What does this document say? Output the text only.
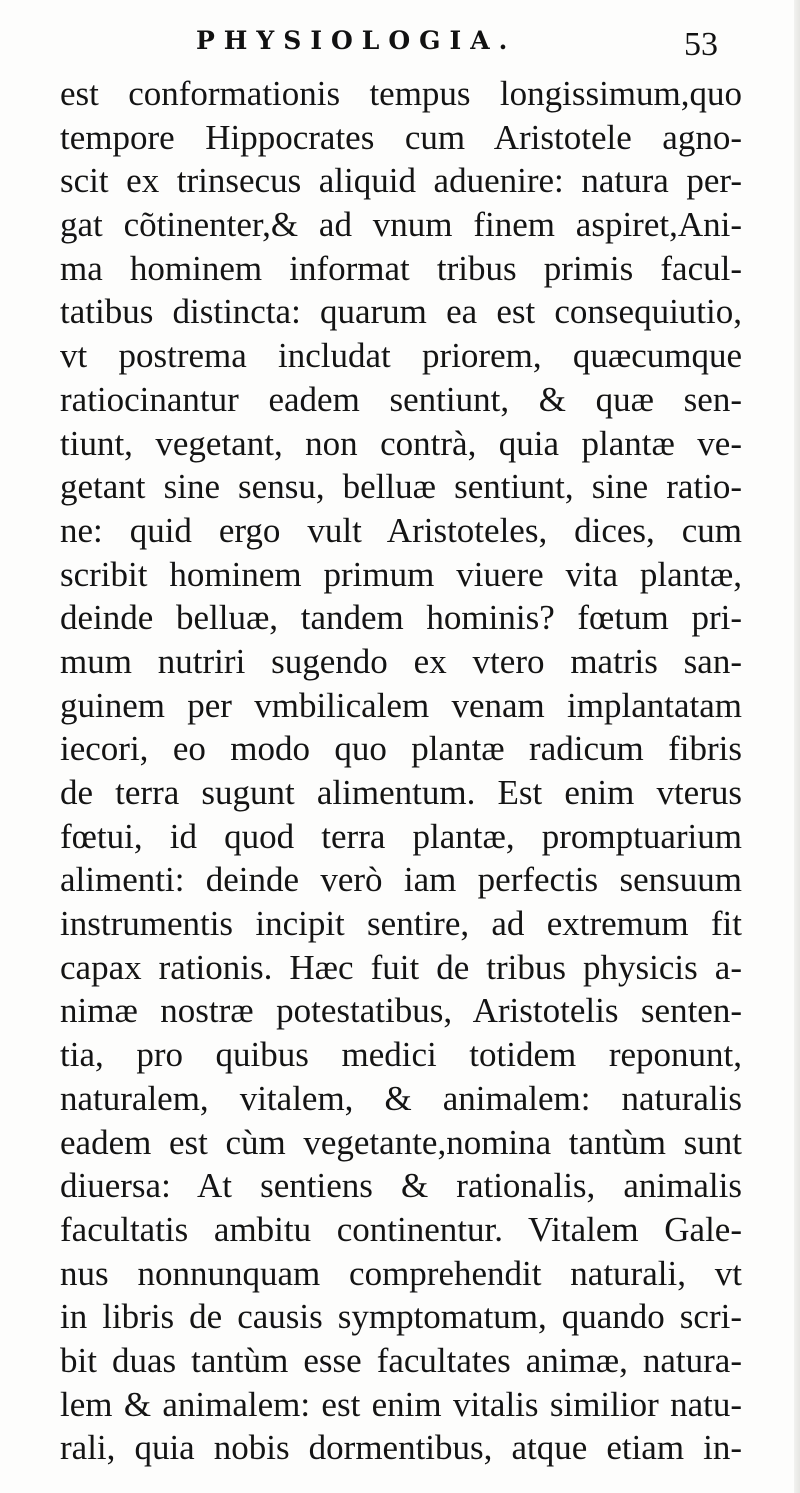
PHYSIOLOGIA.	53
est conformationis tempus longissimum,quo
tempore Hippocrates cum Aristotele agno-
scit ex trinsecus aliquid aduenire: natura per-
gat cõtinenter,& ad vnum finem aspiret,Ani-
ma hominem informat tribus primis facul-
tatibus distincta: quarum ea est consequiutio,
vt postrema includat priorem, quæcumque
ratiocinantur eadem sentiunt, & quæ sen-
tiunt, vegetant, non contrà, quia plantæ ve-
getant sine sensu, belluæ sentiunt, sine ratio-
ne: quid ergo vult Aristoteles, dices, cum
scribit hominem primum viuere vita plantæ,
deinde belluæ, tandem hominis? fœtum pri-
mum nutriri sugendo ex vtero matris san-
guinem per vmbilicalem venam implantatam
iecori, eo modo quo plantæ radicum fibris
de terra sugunt alimentum. Est enim vterus
fœtui, id quod terra plantæ, promptuarium
alimenti: deinde verò iam perfectis sensuum
instrumentis incipit sentire, ad extremum fit
capax rationis. Hæc fuit de tribus physicis a-
nimæ nostræ potestatibus, Aristotelis senten-
tia, pro quibus medici totidem reponunt,
naturalem, vitalem, & animalem: naturalis
eadem est cùm vegetante,nomina tantùm sunt
diuersa: At sentiens & rationalis, animalis
facultatis ambitu continentur. Vitalem Gale-
nus nonnunquam comprehendit naturali, vt
in libris de causis symptomatum, quando scri-
bit duas tantùm esse facultates animæ, natura-
lem & animalem: est enim vitalis similior natu-
rali, quia nobis dormentibus, atque etiam in-
